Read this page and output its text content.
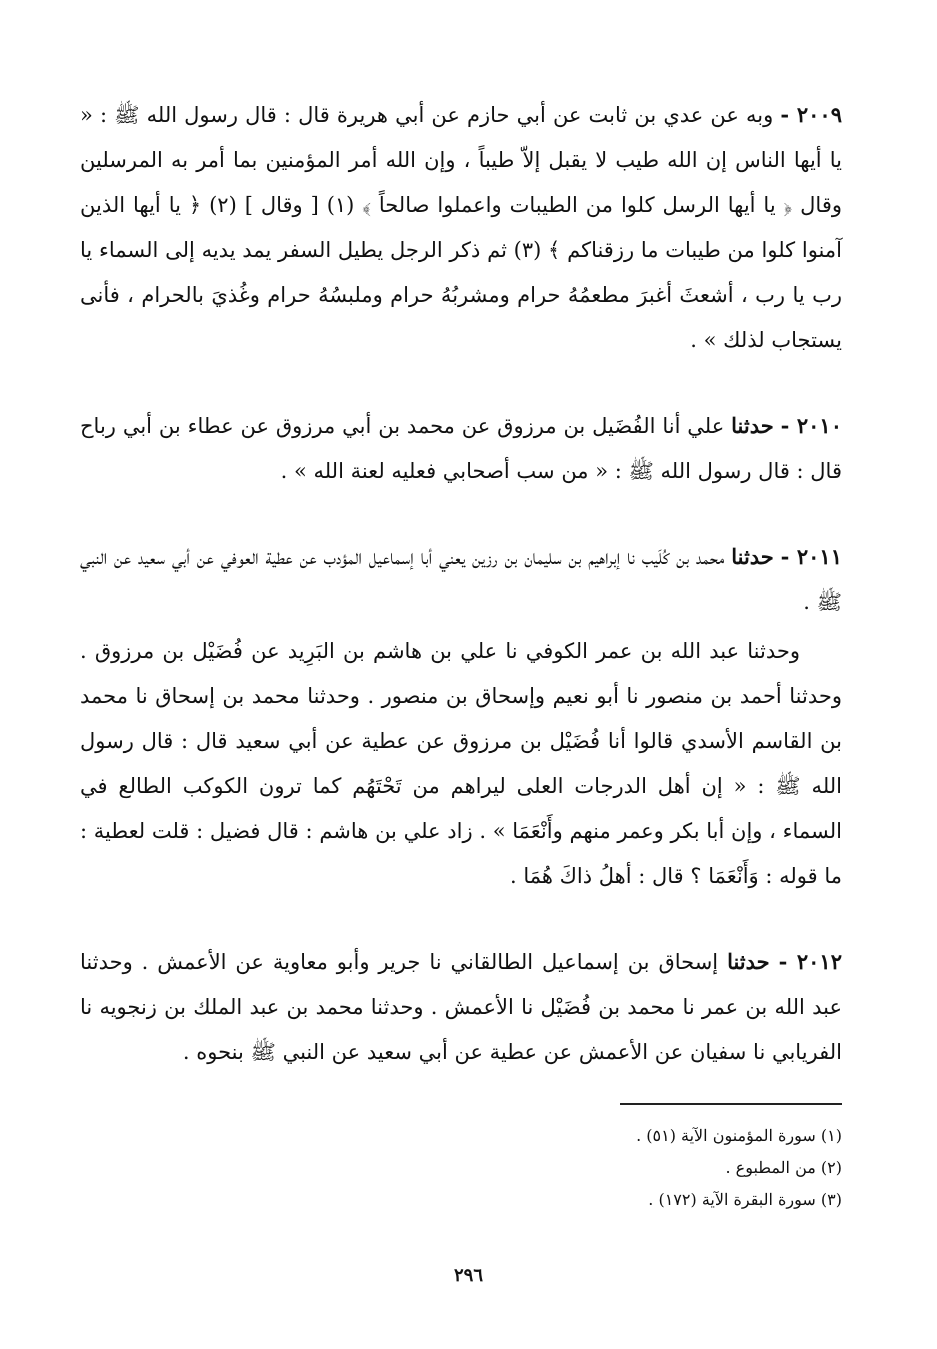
٢٠٠٩ - وبه عن عدي بن ثابت عن أبي حازم عن أبي هريرة قال : قال رسول الله ﷺ : « يا أيها الناس إن الله طيب لا يقبل إلاّ طيباً ، وإن الله أمر المؤمنين بما أمر به المرسلين وقال ﴿ يا أيها الرسل كلوا من الطيبات واعملوا صالحاً ﴾ (١) [ وقال ] (٢) ﴿ يا أيها الذين آمنوا كلوا من طيبات ما رزقناكم ﴾ (٣) ثم ذكر الرجل يطيل السفر يمد يديه إلى السماء يا رب يا رب ، أشعثَ أغبرَ مطعمُهُ حرام ومشربُهُ حرام وملبسُهُ حرام وغُذيَ بالحرام ، فأنى يستجاب لذلك » .

٢٠١٠ - حدثنا علي أنا الفُضَيل بن مرزوق عن محمد بن أبي مرزوق عن عطاء بن أبي رباح قال : قال رسول الله ﷺ : « من سب أصحابي فعليه لعنة الله » .

٢٠١١ - حدثنا محمد بن كُلَيب نا إبراهيم بن سليمان بن رزين يعني أبا إسماعيل المؤدب عن عطية العوفي عن أبي سعيد عن النبي ﷺ .

وحدثنا عبد الله بن عمر الكوفي نا علي بن هاشم بن البَرِيد عن فُضَيْل بن مرزوق . وحدثنا أحمد بن منصور نا أبو نعيم وإسحاق بن منصور . وحدثنا محمد بن إسحاق نا محمد بن القاسم الأسدي قالوا أنا فُضَيْل بن مرزوق عن عطية عن أبي سعيد قال : قال رسول الله ﷺ : « إن أهل الدرجات العلى ليراهم من تَحْتَهُم كما ترون الكوكب الطالع في السماء ، وإن أبا بكر وعمر منهم وأَنْعَمَا » . زاد علي بن هاشم : قال فضيل : قلت لعطية : ما قوله : وَأَنْعَمَا ؟ قال : أهلُ ذاكَ هُمَا .

٢٠١٢ - حدثنا إسحاق بن إسماعيل الطالقاني نا جرير وأبو معاوية عن الأعمش . وحدثنا عبد الله بن عمر نا محمد بن فُضَيْل نا الأعمش . وحدثنا محمد بن عبد الملك بن زنجويه نا الفريابي نا سفيان عن الأعمش عن عطية عن أبي سعيد عن النبي ﷺ بنحوه .

(١) سورة المؤمنون الآية (٥١) .

(٢) من المطبوع .

(٣) سورة البقرة الآية (١٧٢) .

٢٩٦
